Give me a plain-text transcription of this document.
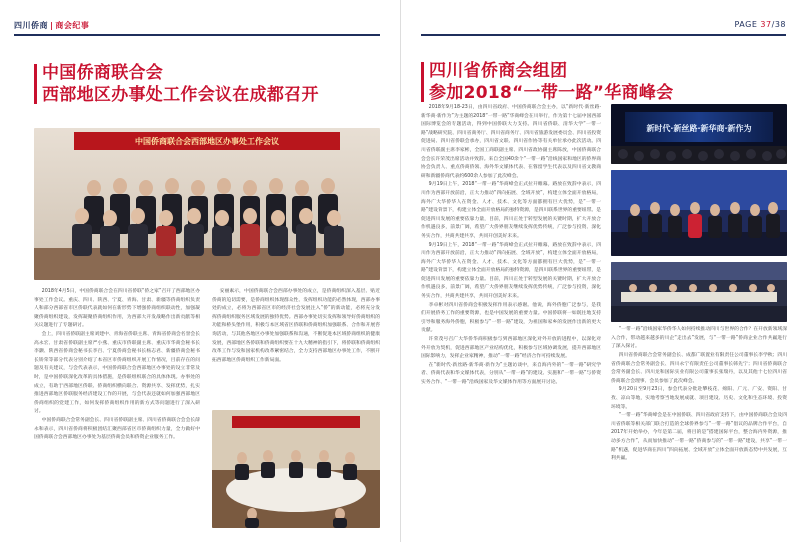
四川侨商 | 商会纪事
中国侨商联合会
西部地区办事处工作会议在成都召开
中国侨商联合会西部地区办事处工作会议

2018年4月5日，中国侨商联合会在四川省侨联“侨之家”召开了西部地区办事处工作会议。重庆、四川、陕西、宁夏、青海、甘肃、新疆等侨商组织负责人和部分西部省市区侨联代表就如何在新形势下增强侨商组织联动性，加强凝聚侨商组织建设，发挥凝聚侨商组织作用，为西部大开发战略作出新贡献等相关议题进行了专题研讨。

会上，四川省侨联副主席刘建中、青海省侨联主席、青海省侨商会名誉会长高永宏、甘肃省侨联副主席严小燕、重庆市侨联副主席、重庆市华商会秘书长李灏、陕西省侨商会秘书长李百、宁夏侨商会秘书长杨志君、新疆侨商会秘书长矫荣等部分代表分别介绍了本省区市侨商组织开展工作情况，目前存在的问题及有关建议，与会代表表示，中国侨商联合会西部地区办事处的设立非常及时，是中国侨联深化改革的具体措施，是侨联组织联合的具体体现。办事处的成立，有助于西部地区侨联、侨商组织横向联合、资源共享、发挥优势，扎实推进西部地区侨联服务经济建设工作的开展，与会代表还就如何加强西部地区侨商组织的党建工作，如何发挥侨商组织作用的新方式等问题进行了深入研讨。

中国侨商联合会常务副会长、四川省侨联副主席、四川省侨商联合会会长薛永和表示，四川省侨商将积极团结汇聚西部省区市侨商组织力量，全力做好中国侨商联合会西部地区办事处为基层侨商会员和侨资企业服务工作。

安丽素示，中国侨商联合会西部办事处的成立，是侨商组织深入基层、贴近侨商的迫切需要，是侨商组织体现群众性、发挥组织功能的必然体现，西部办事处的成立，必将为西部省区市的经济社会发展注入“侨”的新动能，必将充分发挥侨商组织服务区域发展的独特优势。西部办事处切实发挥和领导好侨商组织的功能和桥头堡作用，积极与本区域省区侨联和侨商组织加强联系、合作和开展咨询活动，与其他各地区办事处加强联系和沟通，不断促进本区域侨商组织的健康发展，西部地区各侨联和侨商组织要在十九大精神的指引下，将侨联和侨商组织改革工作与发和国家机构改革紧密结合，全力支持西部地区办事处工作，不断开拓西部地区侨商组织工作新局面。

PAGE 37/38
四川省侨商会组团
参加2018“一带一路”华商峰会

2018年9月18-23日，由四川省政府、中国侨商联合会主办，以“新时代·新丝路·新华商·新作为”为主题的2018“一带一路”华商峰会在川举行，作为第十七届中国西部国际博览会的专题活动，得到中国侨联大力支持。四川省侨联、清华大学“一带一路”战略研究院、四川省商务厅、四川省商务厅、四川省旅游发展委员会、四川省投资促进局、四川省侨联会承办，四川省文联、四川省作协等有关单位承办此次活动。四川省侨联副主席李家彬，全国工商联副主席、四川省政协副主席陈放，中国侨商联合会会长许荣茂出席活动并致辞。来自全国40余个“一带一路”沿线国家和地区的侨界商协会负责人、重点侨商侨领、海外华文媒体代表、在蓉留学生代表以及四川省文教商研和新疆侨商代表约600余人参加了此次峰会。

9月19日上午，2018“一带一路”华商峰会正式拉开帷幕。路放在致辞中表示，四川作为西部开放前沿，正大力推动“四向拓展、全域开放”，构建立体全面开放格局，海外广大华侨华人在资金、人才、技术、文化等方面都拥有巨大优势，是“一带一路”建设背景下，构建立体全面开放格局的独特资源，是四川联系世界的重要纽带。是促进四川发展的重要依靠力量，目前，四川正处于转型发展的关键时期，扩大开放合作机遇良多，前景广阔，希望广大侨界朋友继续发挥优势传统，广泛参与投资、深化务实合作，共商共建共享，共同开创美好未来。

9月19日上午，2018“一带一路”华商峰会正式拉开帷幕，路放在致辞中表示，四川作为西部开放前沿，正大力推动“四向拓展、全域开放”，构建立体全面开放格局，海外广大华侨华人在资金、人才、技术、文化等方面都拥有巨大优势，是“一带一路”建设背景下，构建立体全面开放格局的独特资源，是四川联系世界的重要纽带，是促进四川发展的重要依靠力量。目前，四川正处于转型发展的关键时期，扩大开放合作机遇良多，前景广阔，希望广大侨界朋友继续发挥优势传统，广泛参与投资，深化务实合作，共商共建共享，共同开创美好未来。

李卓彬对四川省侨商会积极发挥作用表示感谢。他说，海外侨胞广泛参与，是我们开展侨务工作的重要资源，也是中国发展的重要力量。中国侨联将一如既往地支持引导和服务海外侨胞，积极参与“一带一路”建设，为祖国和家乡的发展作出新的更大贡献。

许荣茂号召广大华侨华商积极参与到西部地区深化对外开放的进程中，以深化对外开放为契机，促进西部地区产业结构优化，积极参与区域协调发展，提升西部地区国际影响力，发挥企业家精神，推动“一带一路”经济合作可持续发展。

在“新时代·新丝路·新华商·新作为”主题访谈中，来自海内外的“一带一路”研究学者、侨商代表和华文媒体代表，分别从“一带一路”的建设、实施和“一带一路”与侨资实务合作、“一带一路”沿线国家及华文媒体作用等方面展开讨论。

新时代·新丝路·新华商·新作为
“一带一路”沿线国家华侨华人如何持续推动四川与世界的合作？在开放新领域深入合作，带动越来越多的川企“走出去”发展，与“一带一路”侨商企业合作共赢进行了深入探讨。

四川省侨商联合会常务副会长、成都广联置业有限责任公司董事长李学秋；四川省侨商联合会常务副会长、四川永宁有限责任公司董事长韩先宁；四川省侨商联合会常务副会长、四川龙和国际实业有限公司董事长张瑞丹，以及其他十七位四川省侨商联合会理事、会员参加了此次峰会。

9月20日至9月23日，参会代表分批赴攀枝花、绵阳、广元、广安、资阳、甘孜、凉山等地，实地考察当地发展成就、项目建设、历史、文化和生态环境、投资环境等。

“一带一路”华商峰会是在中国侨联、四川省政府支持下，由中国侨商联合会及四川省侨联等相关部门联合打造的全球侨界参与“一带一路”倡议的品牌合作平台，自2017年开始举办，今年是第二届，将目的是“搭建国际平台，整合海内外资源，推动多方合作”，从而加快推动“一带一路”侨商参与的“一带一路”建设，共享“一带一路”机遇，促进华商在四川“四向拓展、全域开放”立体全面开放新态势中共发展，互利共赢。
